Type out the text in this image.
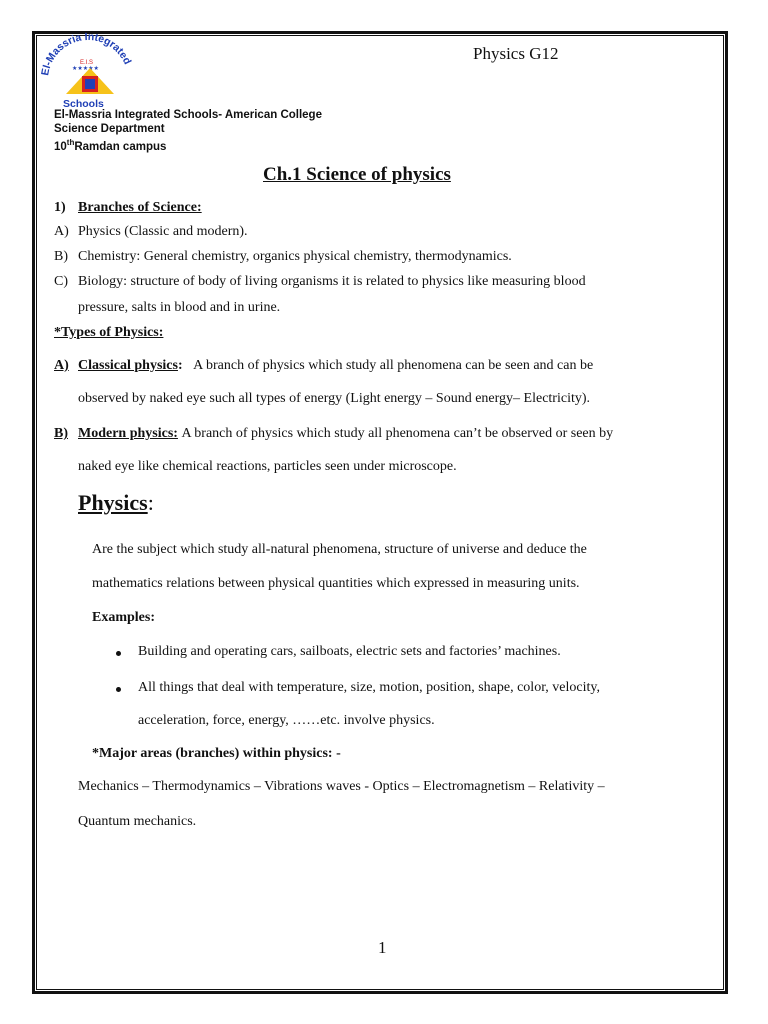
El-Massria Integrated
E.I.S
★★★★★
Schools
Physics G12
El-Massria Integrated Schools- American College
Science Department
10thRamdan campus
Ch.1 Science of physics
1) Branches of Science:
A) Physics (Classic and modern).
B) Chemistry: General chemistry, organics physical chemistry, thermodynamics.
C) Biology: structure of body of living organisms it is related to physics like measuring blood
pressure, salts in blood and in urine.
*Types of Physics:
A) Classical physics: A branch of physics which study all phenomena can be seen and can be
observed by naked eye such all types of energy (Light energy – Sound energy– Electricity).
B) Modern physics: A branch of physics which study all phenomena can’t be observed or seen by
naked eye like chemical reactions, particles seen under microscope.
Physics:
Are the subject which study all-natural phenomena, structure of universe and deduce the
mathematics relations between physical quantities which expressed in measuring units.
Examples:
Building and operating cars, sailboats, electric sets and factories’ machines.
All things that deal with temperature, size, motion, position, shape, color, velocity,
acceleration, force, energy, ……etc. involve physics.
*Major areas (branches) within physics: -
Mechanics – Thermodynamics – Vibrations waves - Optics – Electromagnetism – Relativity –
Quantum mechanics.
1
